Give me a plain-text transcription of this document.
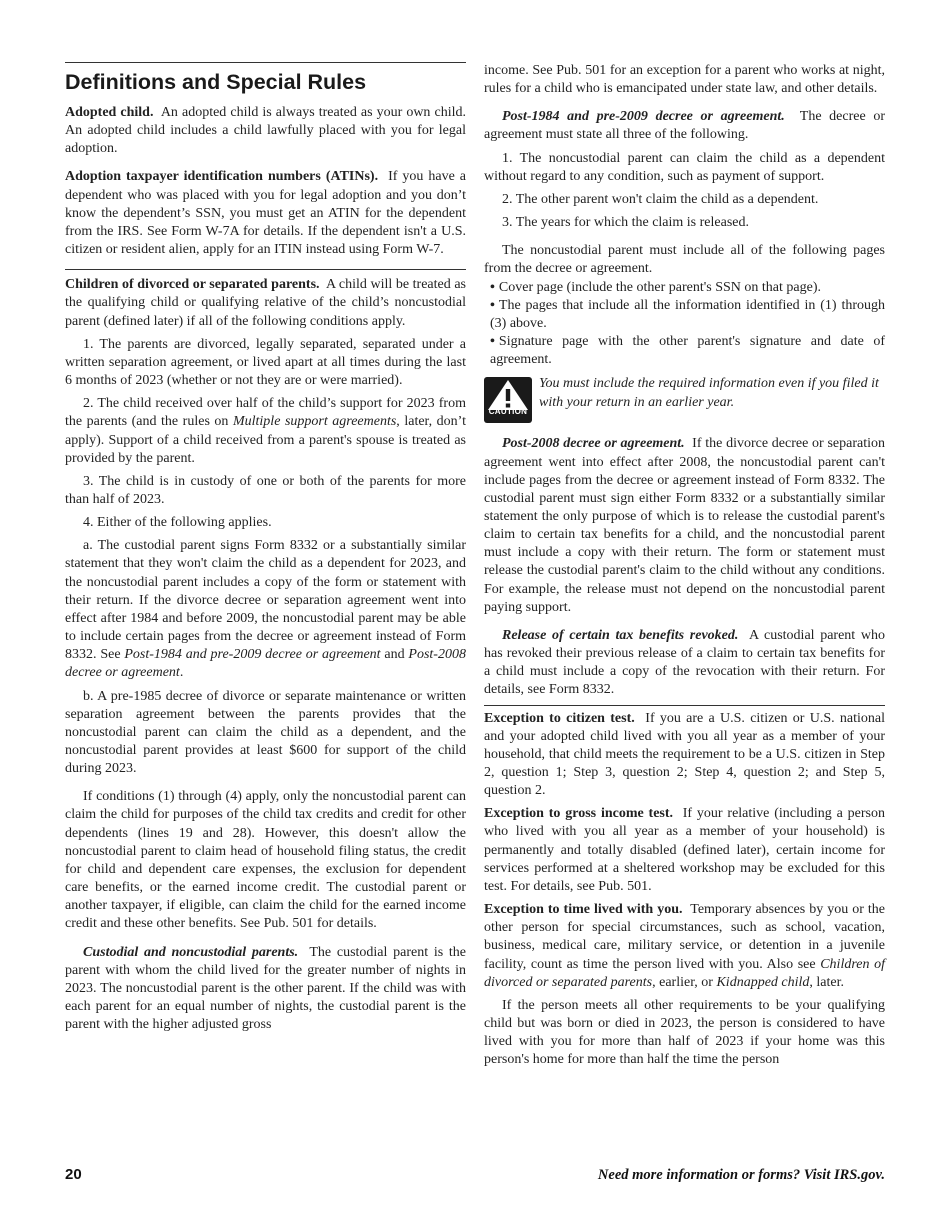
Definitions and Special Rules

Adopted child. An adopted child is always treated as your own child. An adopted child includes a child lawfully placed with you for legal adoption.

Adoption taxpayer identification numbers (ATINs). If you have a dependent who was placed with you for legal adoption and you don’t know the dependent’s SSN, you must get an ATIN for the dependent from the IRS. See Form W-7A for details. If the dependent isn't a U.S. citizen or resident alien, apply for an ITIN instead using Form W-7.

Children of divorced or separated parents. A child will be treated as the qualifying child or qualifying relative of the child’s noncustodial parent (defined later) if all of the following conditions apply.

1. The parents are divorced, legally separated, separated under a written separation agreement, or lived apart at all times during the last 6 months of 2023 (whether or not they are or were married).

2. The child received over half of the child’s support for 2023 from the parents (and the rules on Multiple support agreements, later, don’t apply). Support of a child received from a parent's spouse is treated as provided by the parent.

3. The child is in custody of one or both of the parents for more than half of 2023.

4. Either of the following applies.

a. The custodial parent signs Form 8332 or a substantially similar statement that they won't claim the child as a dependent for 2023, and the noncustodial parent includes a copy of the form or statement with their return. If the divorce decree or separation agreement went into effect after 1984 and before 2009, the noncustodial parent may be able to include certain pages from the decree or agreement instead of Form 8332. See Post-1984 and pre-2009 decree or agreement and Post-2008 decree or agreement.

b. A pre-1985 decree of divorce or separate maintenance or written separation agreement between the parents provides that the noncustodial parent can claim the child as a dependent, and the noncustodial parent provides at least $600 for support of the child during 2023.

If conditions (1) through (4) apply, only the noncustodial parent can claim the child for purposes of the child tax credits and credit for other dependents (lines 19 and 28). However, this doesn't allow the noncustodial parent to claim head of household filing status, the credit for child and dependent care expenses, the exclusion for dependent care benefits, or the earned income credit. The custodial parent or another taxpayer, if eligible, can claim the child for the earned income credit and these other benefits. See Pub. 501 for details.

Custodial and noncustodial parents. The custodial parent is the parent with whom the child lived for the greater number of nights in 2023. The noncustodial parent is the other parent. If the child was with each parent for an equal number of nights, the custodial parent is the parent with the higher adjusted gross

income. See Pub. 501 for an exception for a parent who works at night, rules for a child who is emancipated under state law, and other details.

Post-1984 and pre-2009 decree or agreement. The decree or agreement must state all three of the following.

1. The noncustodial parent can claim the child as a dependent without regard to any condition, such as payment of support.

2. The other parent won't claim the child as a dependent.

3. The years for which the claim is released.

The noncustodial parent must include all of the following pages from the decree or agreement.

• Cover page (include the other parent's SSN on that page).
• The pages that include all the information identified in (1) through (3) above.
• Signature page with the other parent's signature and date of agreement.
CAUTION
You must include the required information even if you filed it with your return in an earlier year.

Post-2008 decree or agreement. If the divorce decree or separation agreement went into effect after 2008, the noncustodial parent can't include pages from the decree or agreement instead of Form 8332. The custodial parent must sign either Form 8332 or a substantially similar statement the only purpose of which is to release the custodial parent's claim to certain tax benefits for a child, and the noncustodial parent must include a copy with their return. The form or statement must release the custodial parent's claim to the child without any conditions. For example, the release must not depend on the noncustodial parent paying support.

Release of certain tax benefits revoked. A custodial parent who has revoked their previous release of a claim to certain tax benefits for a child must include a copy of the revocation with their return. For details, see Form 8332.

Exception to citizen test. If you are a U.S. citizen or U.S. national and your adopted child lived with you all year as a member of your household, that child meets the requirement to be a U.S. citizen in Step 2, question 1; Step 3, question 2; Step 4, question 2; and Step 5, question 2.

Exception to gross income test. If your relative (including a person who lived with you all year as a member of your household) is permanently and totally disabled (defined later), certain income for services performed at a sheltered workshop may be excluded for this test. For details, see Pub. 501.

Exception to time lived with you. Temporary absences by you or the other person for special circumstances, such as school, vacation, business, medical care, military service, or detention in a juvenile facility, count as time the person lived with you. Also see Children of divorced or separated parents, earlier, or Kidnapped child, later.

If the person meets all other requirements to be your qualifying child but was born or died in 2023, the person is considered to have lived with you for more than half of 2023 if your home was this person's home for more than half the time the person

20	Need more information or forms? Visit IRS.gov.
